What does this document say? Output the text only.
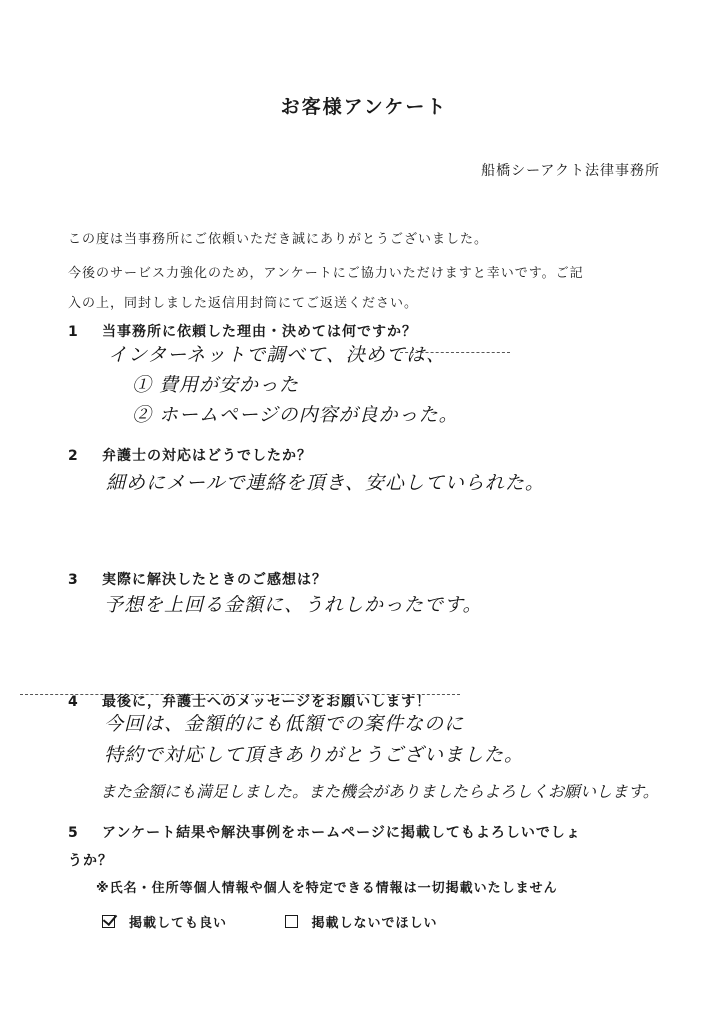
お客様アンケート
船橋シーアクト法律事務所
この度は当事務所にご依頼いただき誠にありがとうございました。
今後のサービス力強化のため，アンケートにご協力いただけますと幸いです。ご記
入の上，同封しました返信用封筒にてご返送ください。
1 当事務所に依頼した理由・決めては何ですか？
インターネットで調べて、決めては、
① 費用が安かった
② ホームページの内容が良かった。
2 弁護士の対応はどうでしたか？
細めにメールで連絡を頂き、安心していられた。
3 実際に解決したときのご感想は？
予想を上回る金額に、うれしかったです。
4 最後に，弁護士へのメッセージをお願いします！
今回は、金額的にも低額での案件なのに
特約で対応して頂きありがとうございました。
また金額にも満足しました。また機会がありましたらよろしくお願いします。
5 アンケート結果や解決事例をホームページに掲載してもよろしいでしょ
うか？
※氏名・住所等個人情報や個人を特定できる情報は一切掲載いたしません
掲載しても良い	掲載しないでほしい
